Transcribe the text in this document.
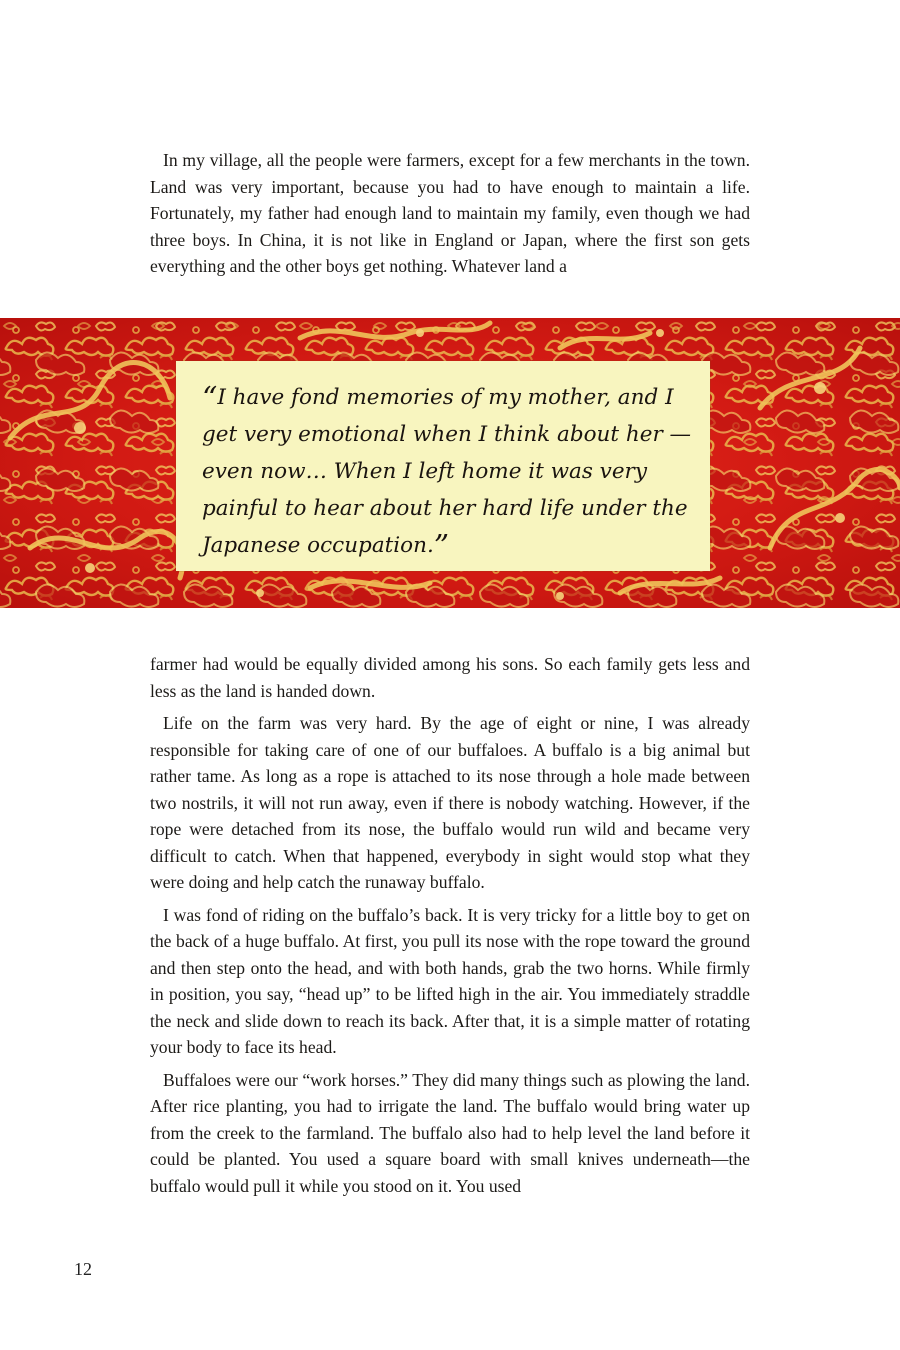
In my village, all the people were farmers, except for a few merchants in the town. Land was very important, because you had to have enough to maintain a life. Fortunately, my father had enough land to maintain my family, even though we had three boys. In China, it is not like in England or Japan, where the first son gets everything and the other boys get nothing. Whatever land a

“I have fond memories of my mother, and I get very emotional when I think about her —even now… When I left home it was very painful to hear about her hard life under the Japanese occupation.”

farmer had would be equally divided among his sons. So each family gets less and less as the land is handed down.

Life on the farm was very hard. By the age of eight or nine, I was already responsible for taking care of one of our buffaloes. A buffalo is a big animal but rather tame. As long as a rope is attached to its nose through a hole made between two nostrils, it will not run away, even if there is nobody watching. However, if the rope were detached from its nose, the buffalo would run wild and became very difficult to catch. When that happened, everybody in sight would stop what they were doing and help catch the runaway buffalo.

I was fond of riding on the buffalo’s back. It is very tricky for a little boy to get on the back of a huge buffalo. At first, you pull its nose with the rope toward the ground and then step onto the head, and with both hands, grab the two horns. While firmly in position, you say, “head up” to be lifted high in the air. You immediately straddle the neck and slide down to reach its back. After that, it is a simple matter of rotating your body to face its head.

Buffaloes were our “work horses.” They did many things such as plowing the land. After rice planting, you had to irrigate the land. The buffalo would bring water up from the creek to the farmland. The buffalo also had to help level the land before it could be planted. You used a square board with small knives underneath—the buffalo would pull it while you stood on it. You used

12
